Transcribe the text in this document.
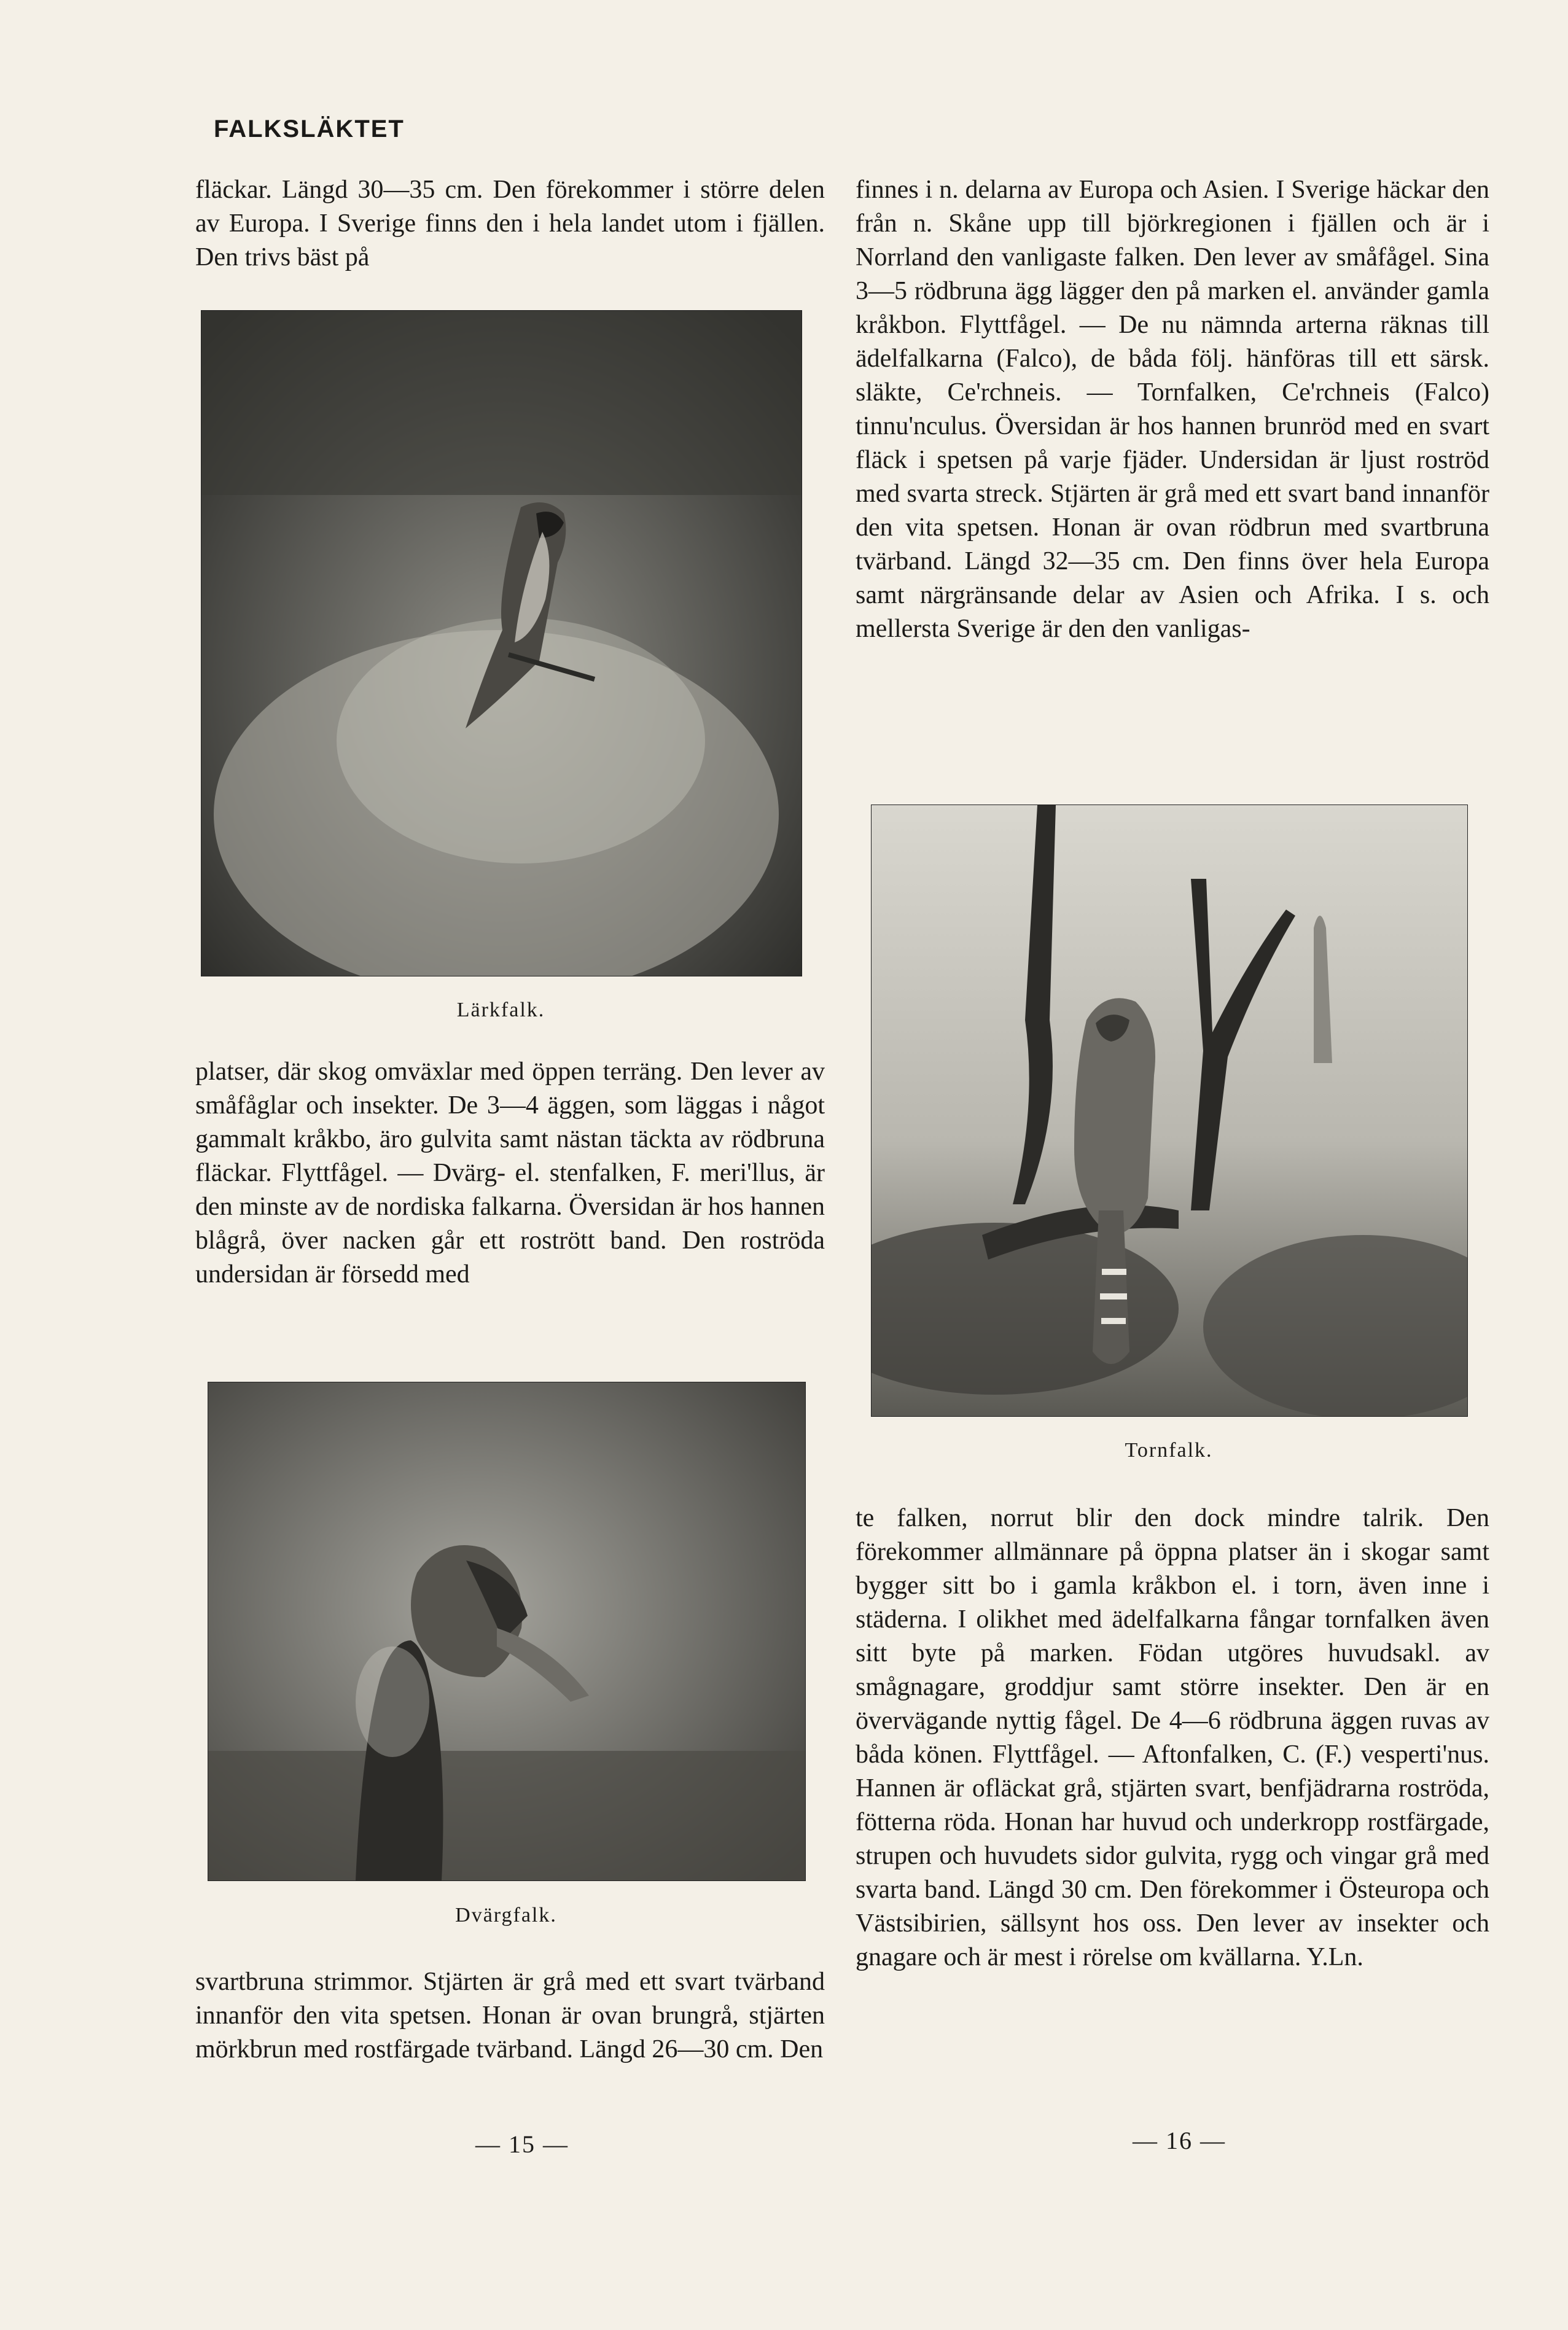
FALKSLÄKTET
fläckar. Längd 30—35 cm. Den förekommer i större delen av Europa. I Sverige finns den i hela landet utom i fjällen. Den trivs bäst på
Lärkfalk.
platser, där skog omväxlar med öppen terräng. Den lever av småfåglar och insekter. De 3—4 äggen, som läggas i något gammalt kråkbo, äro gulvita samt nästan täckta av rödbruna fläckar. Flyttfågel. — Dvärg- el. stenfalken, F. meri'llus, är den minste av de nordiska falkarna. Översidan är hos hannen blågrå, över nacken går ett rostrött band. Den roströda undersidan är försedd med
Dvärgfalk.
svartbruna strimmor. Stjärten är grå med ett svart tvärband innanför den vita spetsen. Honan är ovan brungrå, stjärten mörkbrun med rostfärgade tvärband. Längd 26—30 cm. Den
— 15 —
finnes i n. delarna av Europa och Asien. I Sverige häckar den från n. Skåne upp till björkregionen i fjällen och är i Norrland den vanligaste falken. Den lever av småfågel. Sina 3—5 rödbruna ägg lägger den på marken el. använder gamla kråkbon. Flyttfågel. — De nu nämnda arterna räknas till ädelfalkarna (Falco), de båda följ. hänföras till ett särsk. släkte, Ce'rchneis. — Tornfalken, Ce'rchneis (Falco) tinnu'nculus. Översidan är hos hannen brunröd med en svart fläck i spetsen på varje fjäder. Undersidan är ljust roströd med svarta streck. Stjärten är grå med ett svart band innanför den vita spetsen. Honan är ovan rödbrun med svartbruna tvärband. Längd 32—35 cm. Den finns över hela Europa samt närgränsande delar av Asien och Afrika. I s. och mellersta Sverige är den den vanligas-
Tornfalk.
te falken, norrut blir den dock mindre talrik. Den förekommer allmännare på öppna platser än i skogar samt bygger sitt bo i gamla kråkbon el. i torn, även inne i städerna. I olikhet med ädelfalkarna fångar tornfalken även sitt byte på marken. Födan utgöres huvudsakl. av smågnagare, groddjur samt större insekter. Den är en övervägande nyttig fågel. De 4—6 rödbruna äggen ruvas av båda könen. Flyttfågel. — Aftonfalken, C. (F.) vesperti'nus. Hannen är ofläckat grå, stjärten svart, benfjädrarna roströda, fötterna röda. Honan har huvud och underkropp rostfärgade, strupen och huvudets sidor gulvita, rygg och vingar grå med svarta band. Längd 30 cm. Den förekommer i Östeuropa och Västsibirien, sällsynt hos oss. Den lever av insekter och gnagare och är mest i rörelse om kvällarna. Y.Ln.
— 16 —
